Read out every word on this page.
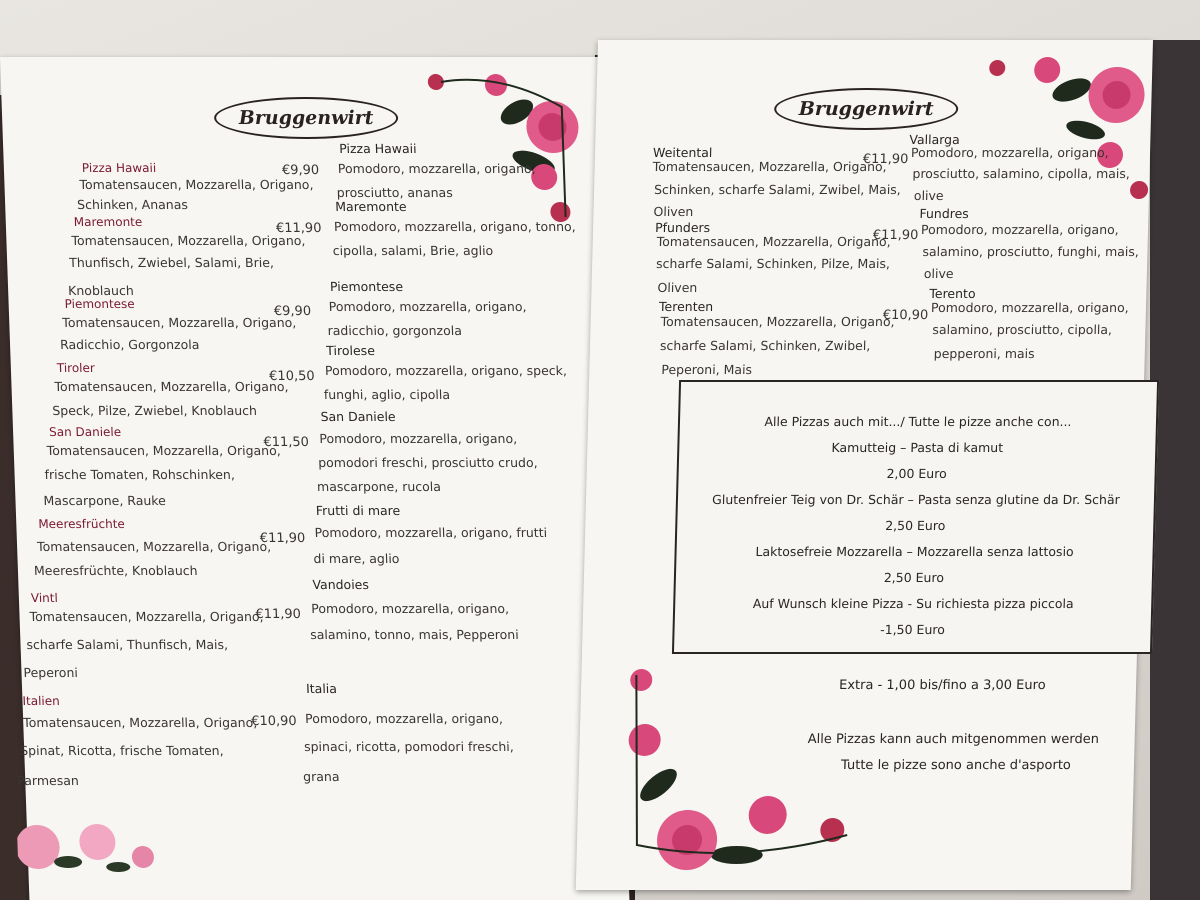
Bruggenwirt
Pizza Hawaii
Tomatensaucen, Mozzarella, Origano,
Schinken, Ananas
€9,90
Maremonte
Tomatensaucen, Mozzarella, Origano,
Thunfisch, Zwiebel, Salami, Brie,
Knoblauch
€11,90
Piemontese
Tomatensaucen, Mozzarella, Origano,
Radicchio, Gorgonzola
€9,90
Tiroler
Tomatensaucen, Mozzarella, Origano,
Speck, Pilze, Zwiebel, Knoblauch
€10,50
San Daniele
Tomatensaucen, Mozzarella, Origano,
frische Tomaten, Rohschinken,
Mascarpone, Rauke
€11,50
Meeresfrüchte
Tomatensaucen, Mozzarella, Origano,
Meeresfrüchte, Knoblauch
€11,90
Vintl
Tomatensaucen, Mozzarella, Origano,
scharfe Salami, Thunfisch, Mais,
Peperoni
€11,90
Italien
Tomatensaucen, Mozzarella, Origano,
Spinat, Ricotta, frische Tomaten,
Parmesan
€10,90
Pizza Hawaii
Pomodoro, mozzarella, origano,
prosciutto, ananas
Maremonte
Pomodoro, mozzarella, origano, tonno,
cipolla, salami, Brie, aglio
Piemontese
Pomodoro, mozzarella, origano,
radicchio, gorgonzola
Tirolese
Pomodoro, mozzarella, origano, speck,
funghi, aglio, cipolla
San Daniele
Pomodoro, mozzarella, origano,
pomodori freschi, prosciutto crudo,
mascarpone, rucola
Frutti di mare
Pomodoro, mozzarella, origano, frutti
di mare, aglio
Vandoies
Pomodoro, mozzarella, origano,
salamino, tonno, mais, Pepperoni
Italia
Pomodoro, mozzarella, origano,
spinaci, ricotta, pomodori freschi,
grana
Bruggenwirt
Weitental
Tomatensaucen, Mozzarella, Origano,
Schinken, scharfe Salami, Zwibel, Mais,
Oliven
€11,90
Pfunders
Tomatensaucen, Mozzarella, Origano,
scharfe Salami, Schinken, Pilze, Mais,
Oliven
€11,90
Terenten
Tomatensaucen, Mozzarella, Origano,
scharfe Salami, Schinken, Zwibel,
Peperoni, Mais
€10,90
Vallarga
Pomodoro, mozzarella, origano,
prosciutto, salamino, cipolla, mais,
olive
Fundres
Pomodoro, mozzarella, origano,
salamino, prosciutto, funghi, mais,
olive
Terento
Pomodoro, mozzarella, origano,
salamino, prosciutto, cipolla,
pepperoni, mais
Alle Pizzas auch mit.../ Tutte le pizze anche con...
Kamutteig – Pasta di kamut
2,00 Euro
Glutenfreier Teig von Dr. Schär – Pasta senza glutine da Dr. Schär
2,50 Euro
Laktosefreie Mozzarella – Mozzarella senza lattosio
2,50 Euro
Auf Wunsch kleine Pizza - Su richiesta pizza piccola
-1,50 Euro
Extra - 1,00 bis/fino a 3,00 Euro
Alle Pizzas kann auch mitgenommen werden
Tutte le pizze sono anche d'asporto
